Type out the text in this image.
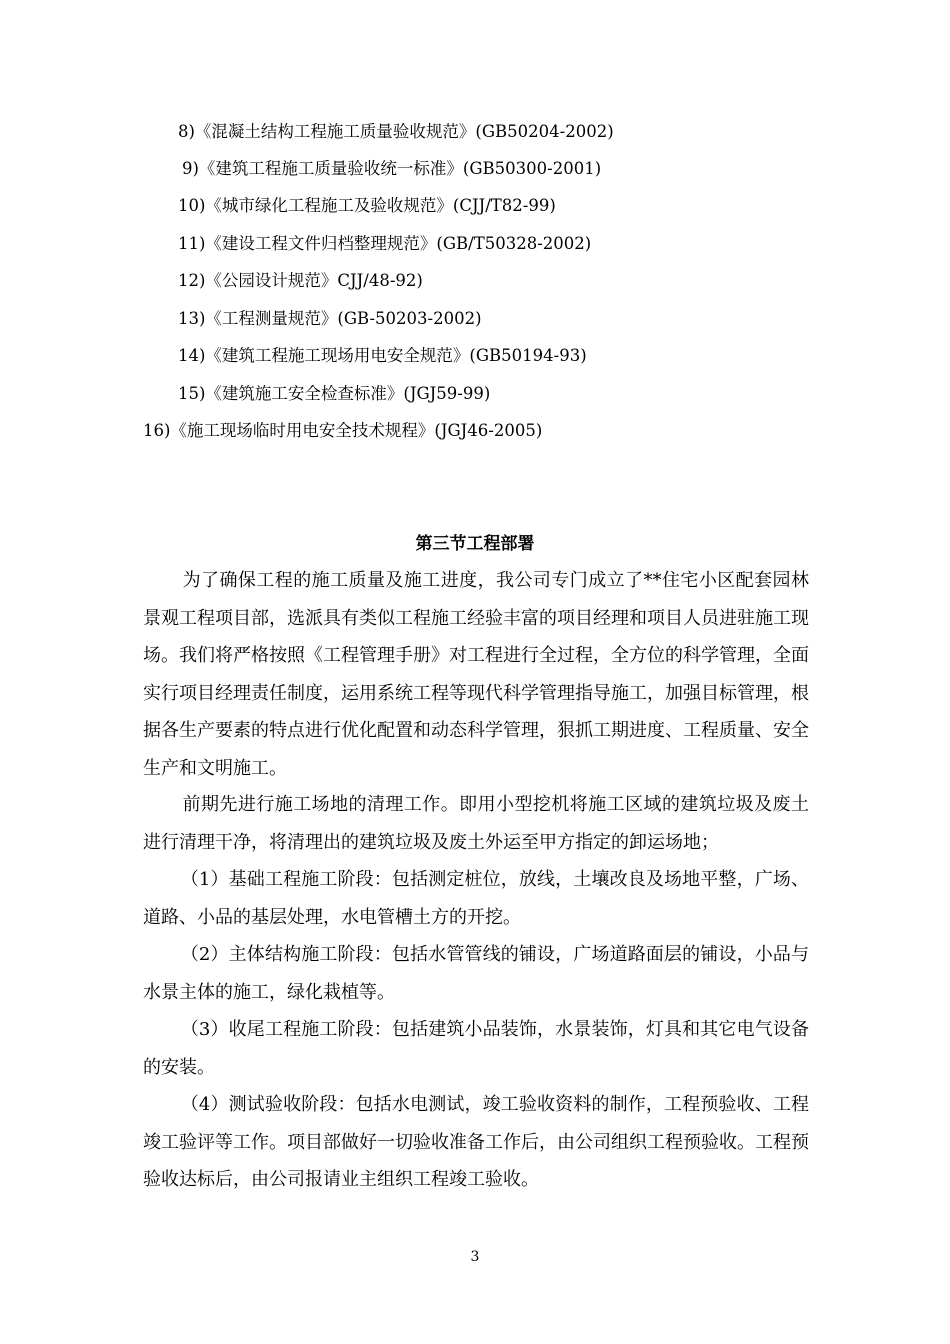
8)《混凝土结构工程施工质量验收规范》(GB50204-2002)

9)《建筑工程施工质量验收统一标准》(GB50300-2001)

10)《城市绿化工程施工及验收规范》(CJJ/T82-99)

11)《建设工程文件归档整理规范》(GB/T50328-2002)

12)《公园设计规范》CJJ/48-92)

13)《工程测量规范》(GB-50203-2002)

14)《建筑工程施工现场用电安全规范》(GB50194-93)

15)《建筑施工安全检查标准》(JGJ59-99)

16)《施工现场临时用电安全技术规程》(JGJ46-2005)

第三节工程部署

为了确保工程的施工质量及施工进度，我公司专门成立了**住宅小区配套园林景观工程项目部，选派具有类似工程施工经验丰富的项目经理和项目人员进驻施工现场。我们将严格按照《工程管理手册》对工程进行全过程，全方位的科学管理，全面实行项目经理责任制度，运用系统工程等现代科学管理指导施工，加强目标管理，根据各生产要素的特点进行优化配置和动态科学管理，狠抓工期进度、工程质量、安全生产和文明施工。

前期先进行施工场地的清理工作。即用小型挖机将施工区域的建筑垃圾及废土进行清理干净，将清理出的建筑垃圾及废土外运至甲方指定的卸运场地；

（1）基础工程施工阶段：包括测定桩位，放线，土壤改良及场地平整，广场、道路、小品的基层处理，水电管槽土方的开挖。

（2）主体结构施工阶段：包括水管管线的铺设，广场道路面层的铺设，小品与水景主体的施工，绿化栽植等。

（3）收尾工程施工阶段：包括建筑小品装饰，水景装饰，灯具和其它电气设备的安装。

（4）测试验收阶段：包括水电测试，竣工验收资料的制作，工程预验收、工程竣工验评等工作。项目部做好一切验收准备工作后，由公司组织工程预验收。工程预验收达标后，由公司报请业主组织工程竣工验收。

3
